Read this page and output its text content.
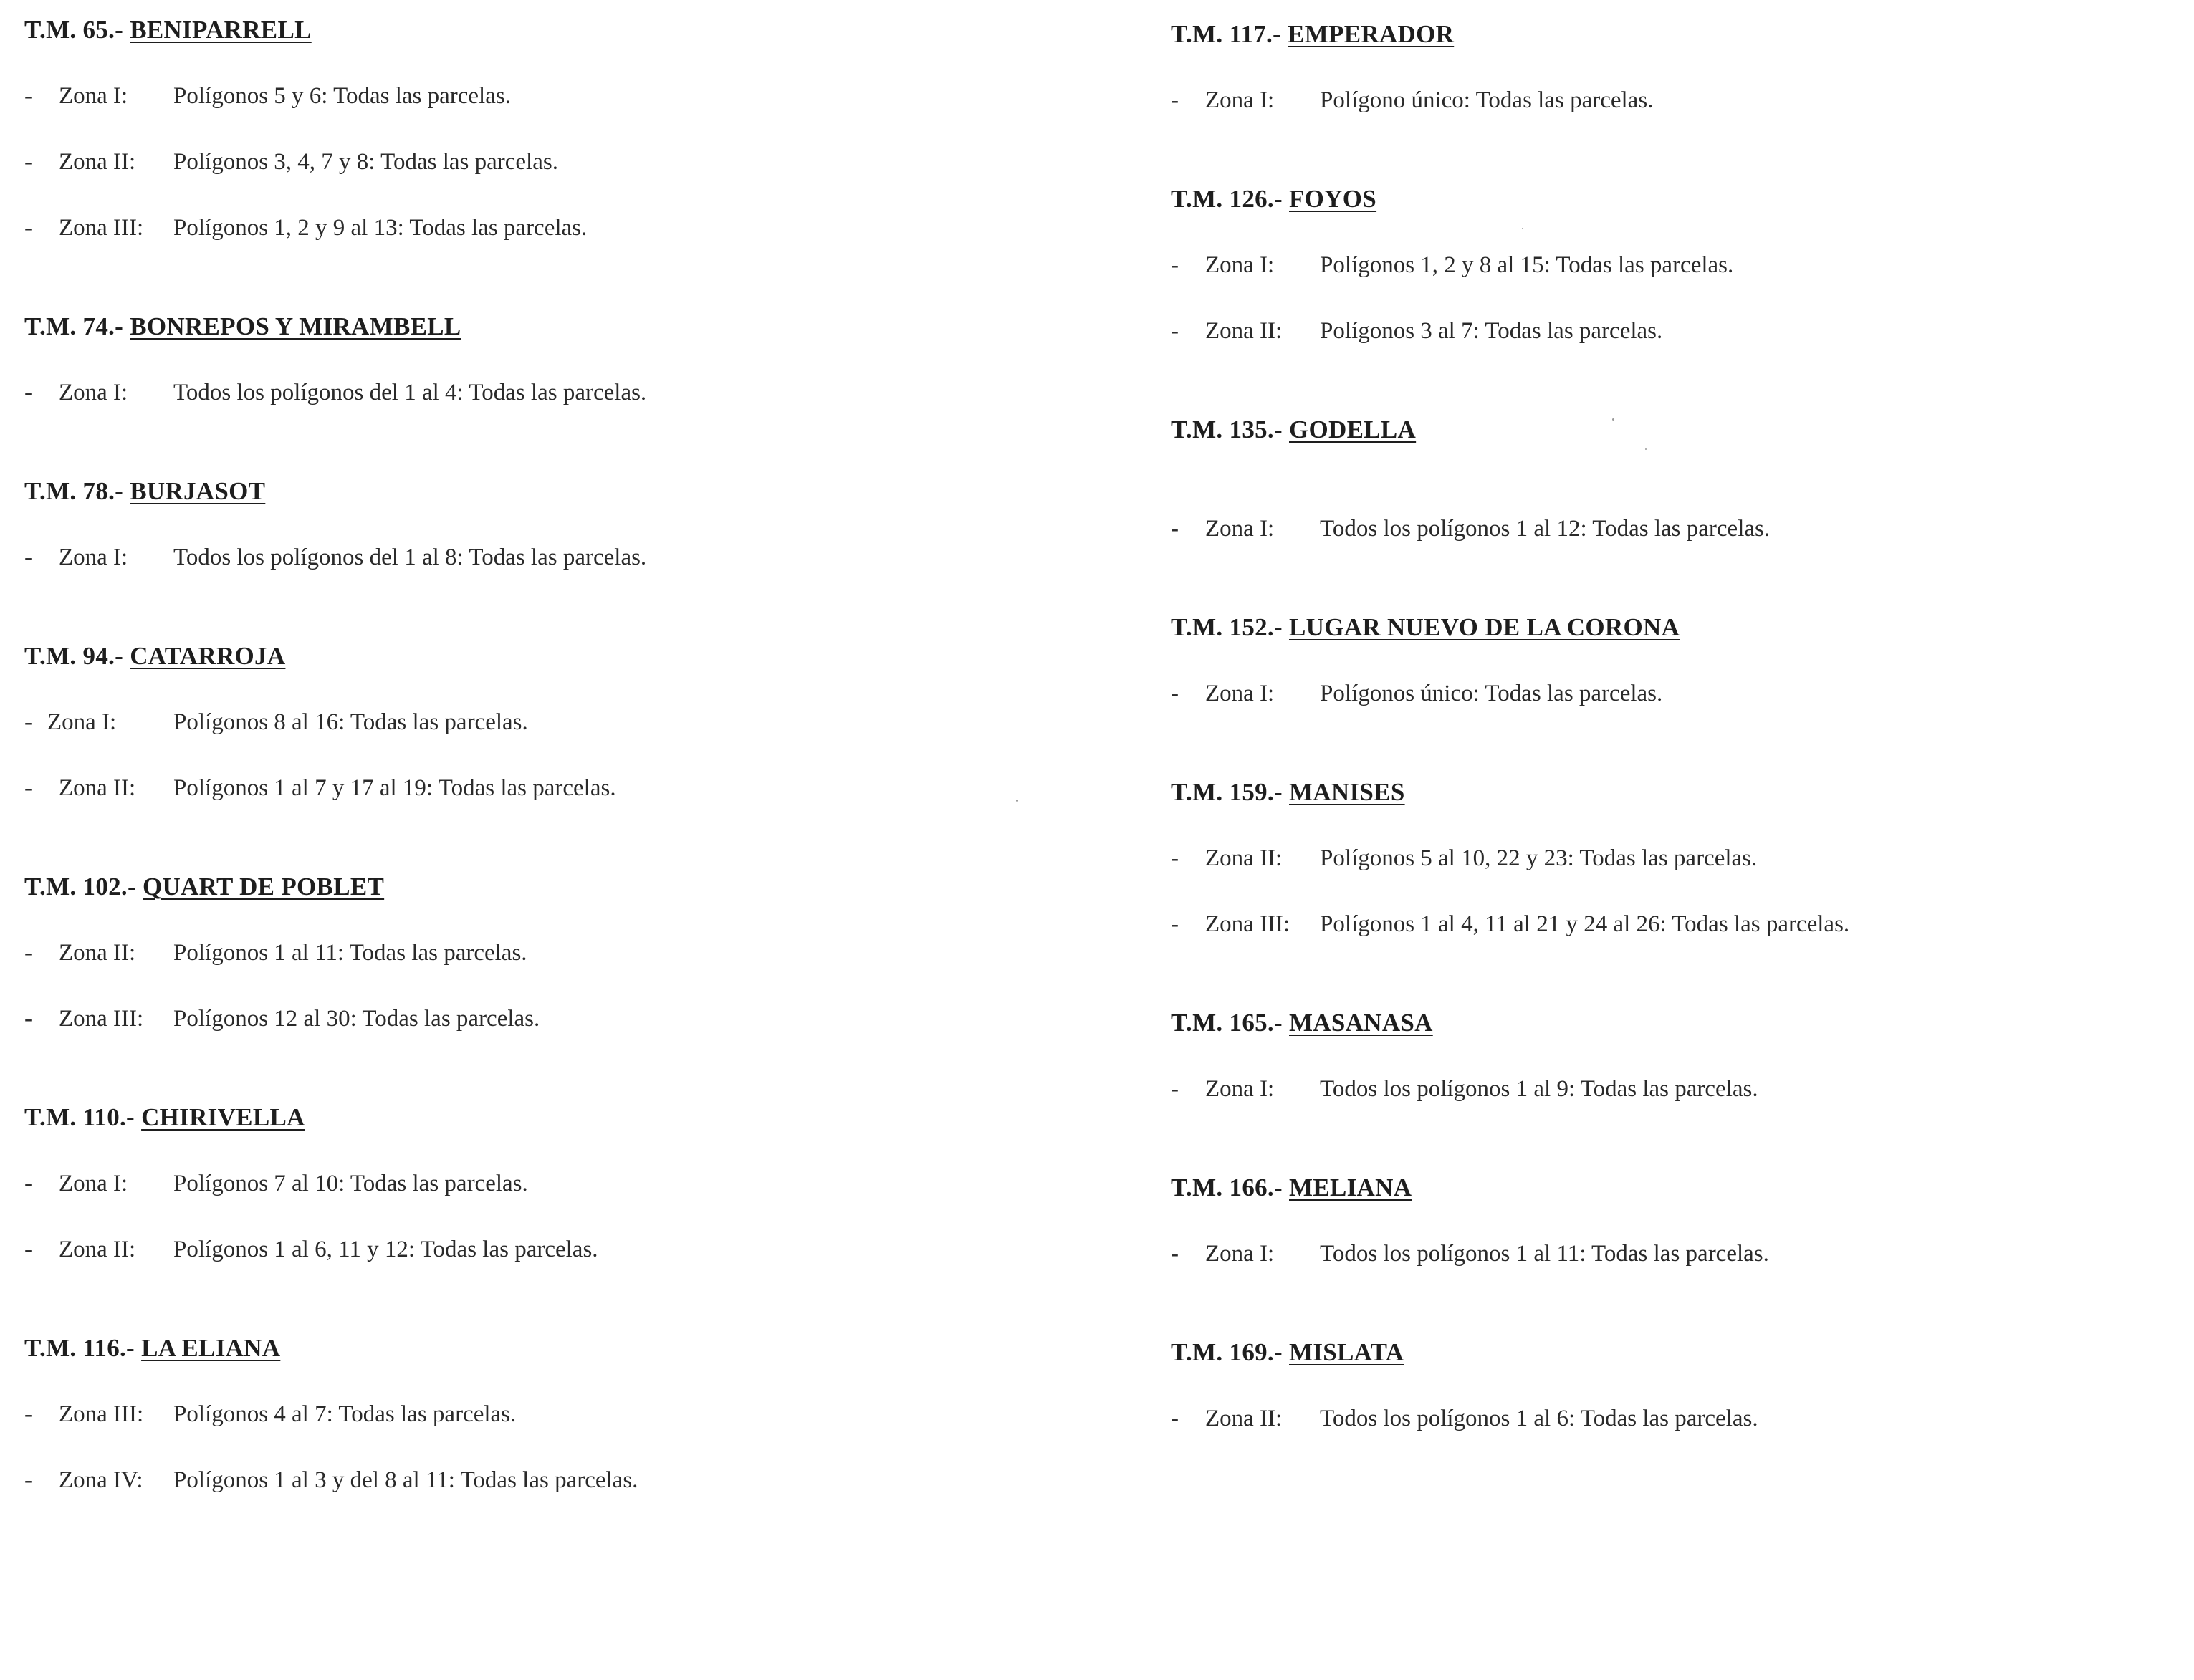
T.M. 65.- BENIPARRELL
- Zona I: Polígonos 5 y 6: Todas las parcelas.
- Zona II: Polígonos 3, 4, 7 y 8: Todas las parcelas.
- Zona III: Polígonos 1, 2 y 9 al 13: Todas las parcelas.
T.M. 74.- BONREPOS Y MIRAMBELL
- Zona I: Todos los polígonos del 1 al 4: Todas las parcelas.
T.M. 78.- BURJASOT
- Zona I: Todos los polígonos del 1 al 8: Todas las parcelas.
T.M. 94.- CATARROJA
- Zona I: Polígonos 8 al 16: Todas las parcelas.
- Zona II: Polígonos 1 al 7 y 17 al 19: Todas las parcelas.
T.M. 102.- QUART DE POBLET
- Zona II: Polígonos 1 al 11: Todas las parcelas.
- Zona III: Polígonos 12 al 30: Todas las parcelas.
T.M. 110.- CHIRIVELLA
- Zona I: Polígonos 7 al 10: Todas las parcelas.
- Zona II: Polígonos 1 al 6, 11 y 12: Todas las parcelas.
T.M. 116.- LA ELIANA
- Zona III: Polígonos 4 al 7: Todas las parcelas.
- Zona IV: Polígonos 1 al 3 y del 8 al 11: Todas las parcelas.
T.M. 117.- EMPERADOR
- Zona I: Polígono único: Todas las parcelas.
T.M. 126.- FOYOS
- Zona I: Polígonos 1, 2 y 8 al 15: Todas las parcelas.
- Zona II: Polígonos 3 al 7: Todas las parcelas.
T.M. 135.- GODELLA
- Zona I: Todos los polígonos 1 al 12: Todas las parcelas.
T.M. 152.- LUGAR NUEVO DE LA CORONA
- Zona I: Polígonos único: Todas las parcelas.
T.M. 159.- MANISES
- Zona II: Polígonos 5 al 10, 22 y 23: Todas las parcelas.
- Zona III: Polígonos 1 al 4, 11 al 21 y 24 al 26: Todas las parcelas.
T.M. 165.- MASANASA
- Zona I: Todos los polígonos 1 al 9: Todas las parcelas.
T.M. 166.- MELIANA
- Zona I: Todos los polígonos 1 al 11: Todas las parcelas.
T.M. 169.- MISLATA
- Zona II: Todos los polígonos 1 al 6: Todas las parcelas.
